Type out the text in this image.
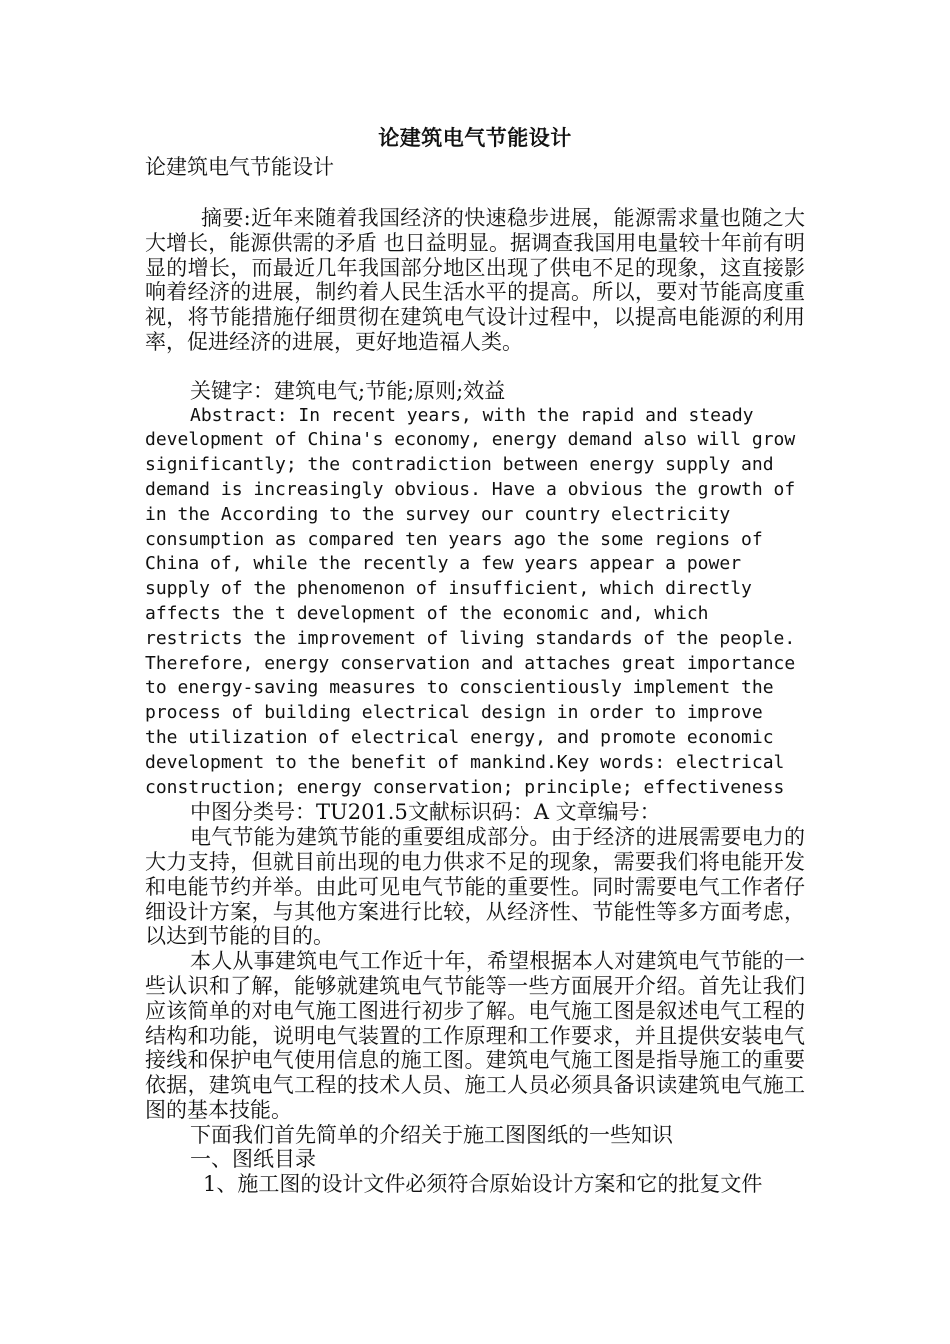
论建筑电气节能设计

论建筑电气节能设计

摘要:近年来随着我国经济的快速稳步进展，能源需求量也随之大大增长，能源供需的矛盾 也日益明显。据调查我国用电量较十年前有明显的增长，而最近几年我国部分地区出现了供电不足的现象，这直接影响着经济的进展，制约着人民生活水平的提高。所以，要对节能高度重视，将节能措施仔细贯彻在建筑电气设计过程中，以提高电能源的利用率，促进经济的进展，更好地造福人类。

关键字：建筑电气;节能;原则;效益

Abstract: In recent years, with the rapid and steady development of China's economy, energy demand also will grow significantly; the contradiction between energy supply and demand is increasingly obvious. Have a obvious the growth of in the According to the survey our country electricity consumption as compared ten years ago the some regions of China of, while the recently a few years appear a power supply of the phenomenon of insufficient, which directly affects the t development of the economic and, which restricts the improvement of living standards of the people. Therefore, energy conservation and attaches great importance to energy-saving measures to conscientiously implement the process of building electrical design in order to improve the utilization of electrical energy, and promote economic development to the benefit of mankind.Key words: electrical construction; energy conservation; principle; effectiveness

中图分类号：TU201.5文献标识码：A 文章编号：

电气节能为建筑节能的重要组成部分。由于经济的进展需要电力的大力支持，但就目前出现的电力供求不足的现象，需要我们将电能开发和电能节约并举。由此可见电气节能的重要性。同时需要电气工作者仔细设计方案，与其他方案进行比较，从经济性、节能性等多方面考虑，以达到节能的目的。

本人从事建筑电气工作近十年，希望根据本人对建筑电气节能的一些认识和了解，能够就建筑电气节能等一些方面展开介绍。首先让我们应该简单的对电气施工图进行初步了解。电气施工图是叙述电气工程的结构和功能，说明电气装置的工作原理和工作要求，并且提供安装电气接线和保护电气使用信息的施工图。建筑电气施工图是指导施工的重要依据，建筑电气工程的技术人员、施工人员必须具备识读建筑电气施工图的基本技能。

下面我们首先简单的介绍关于施工图图纸的一些知识

一、图纸目录

1、施工图的设计文件必须符合原始设计方案和它的批复文件
